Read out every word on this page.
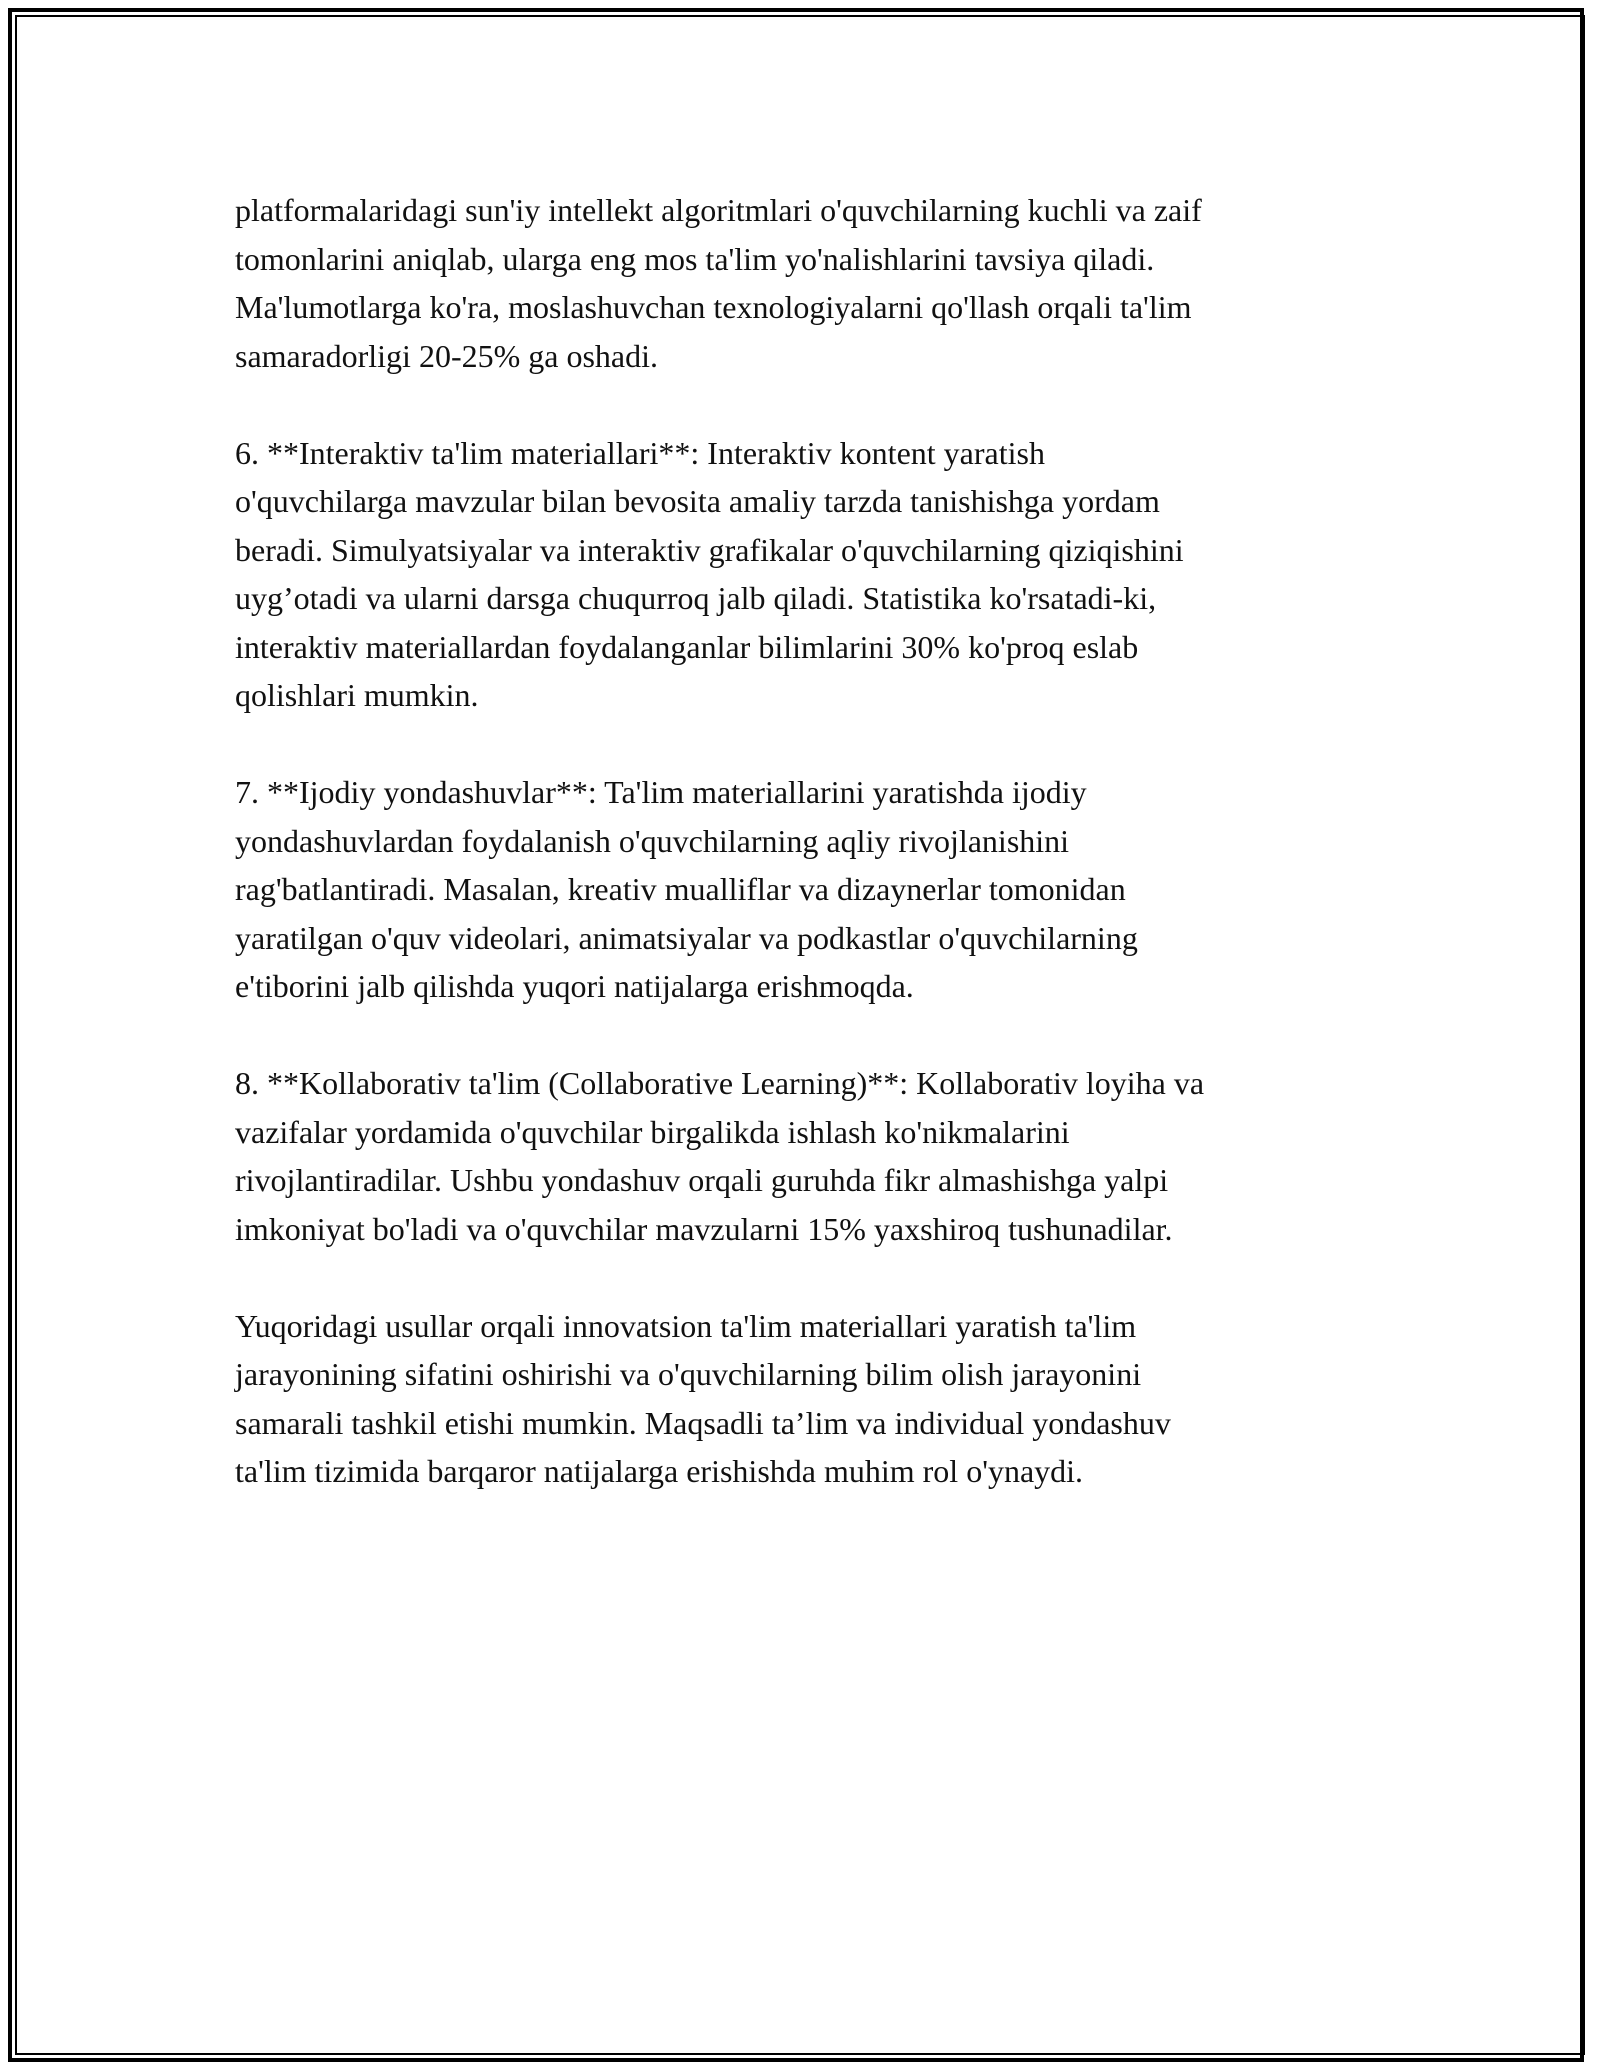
platformalaridagi sun'iy intellekt algoritmlari o'quvchilarning kuchli va zaif
tomonlarini aniqlab, ularga eng mos ta'lim yo'nalishlarini tavsiya qiladi.
Ma'lumotlarga ko'ra, moslashuvchan texnologiyalarni qo'llash orqali ta'lim
samaradorligi 20-25% ga oshadi.

6. **Interaktiv ta'lim materiallari**: Interaktiv kontent yaratish
o'quvchilarga mavzular bilan bevosita amaliy tarzda tanishishga yordam
beradi. Simulyatsiyalar va interaktiv grafikalar o'quvchilarning qiziqishini
uyg’otadi va ularni darsga chuqurroq jalb qiladi. Statistika ko'rsatadi-ki,
interaktiv materiallardan foydalanganlar bilimlarini 30% ko'proq eslab
qolishlari mumkin.

7. **Ijodiy yondashuvlar**: Ta'lim materiallarini yaratishda ijodiy
yondashuvlardan foydalanish o'quvchilarning aqliy rivojlanishini
rag'batlantiradi. Masalan, kreativ mualliflar va dizaynerlar tomonidan
yaratilgan o'quv videolari, animatsiyalar va podkastlar o'quvchilarning
e'tiborini jalb qilishda yuqori natijalarga erishmoqda.

8. **Kollaborativ ta'lim (Collaborative Learning)**: Kollaborativ loyiha va
vazifalar yordamida o'quvchilar birgalikda ishlash ko'nikmalarini
rivojlantiradilar. Ushbu yondashuv orqali guruhda fikr almashishga yalpi
imkoniyat bo'ladi va o'quvchilar mavzularni 15% yaxshiroq tushunadilar.

Yuqoridagi usullar orqali innovatsion ta'lim materiallari yaratish ta'lim
jarayonining sifatini oshirishi va o'quvchilarning bilim olish jarayonini
samarali tashkil etishi mumkin. Maqsadli ta’lim va individual yondashuv
ta'lim tizimida barqaror natijalarga erishishda muhim rol o'ynaydi.
